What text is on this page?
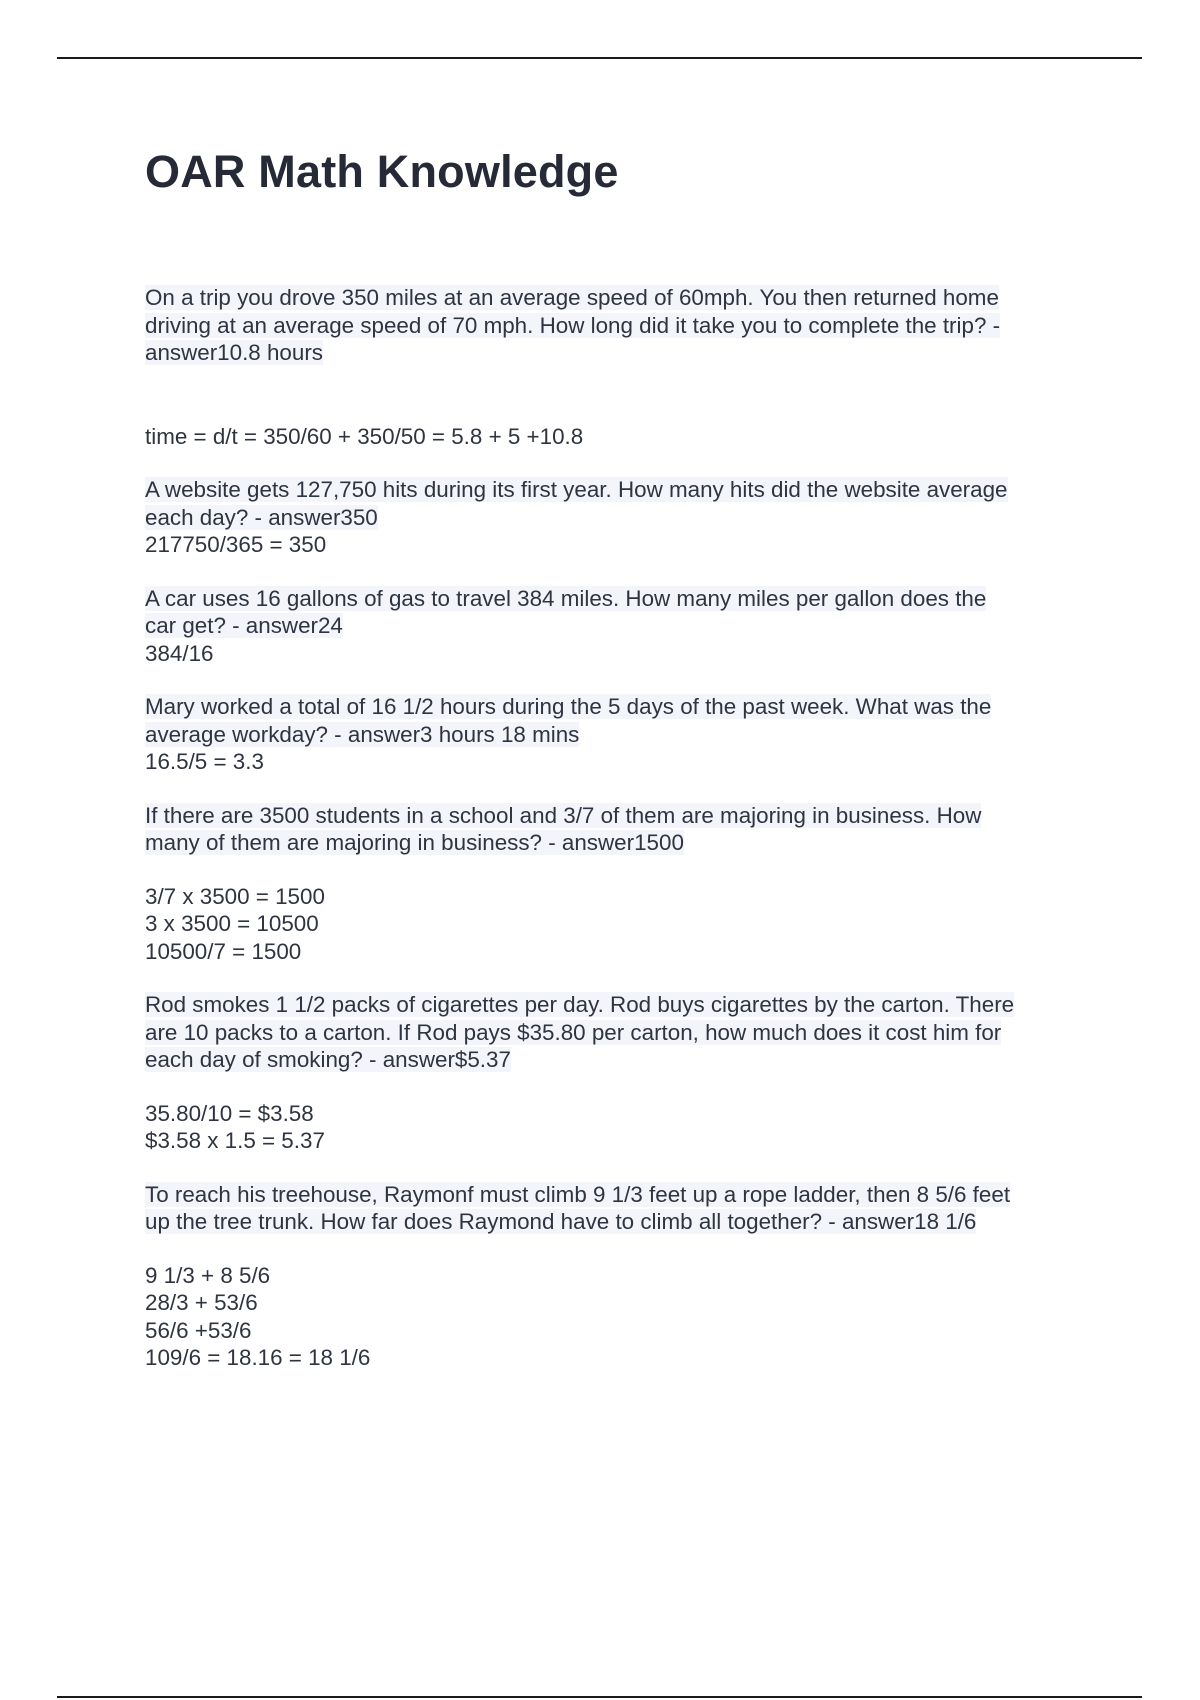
OAR Math Knowledge
On a trip you drove 350 miles at an average speed of 60mph. You then returned home
driving at an average speed of 70 mph. How long did it take you to complete the trip? -
answer10.8 hours
time = d/t = 350/60 + 350/50 = 5.8 + 5 +10.8
A website gets 127,750 hits during its first year. How many hits did the website average
each day? - answer350
217750/365 = 350
A car uses 16 gallons of gas to travel 384 miles. How many miles per gallon does the
car get? - answer24
384/16
Mary worked a total of 16 1/2 hours during the 5 days of the past week. What was the
average workday? - answer3 hours 18 mins
16.5/5 = 3.3
If there are 3500 students in a school and 3/7 of them are majoring in business. How
many of them are majoring in business? - answer1500
3/7 x 3500 = 1500
3 x 3500 = 10500
10500/7 = 1500
Rod smokes 1 1/2 packs of cigarettes per day. Rod buys cigarettes by the carton. There
are 10 packs to a carton. If Rod pays $35.80 per carton, how much does it cost him for
each day of smoking? - answer$5.37
35.80/10 = $3.58
$3.58 x 1.5 = 5.37
To reach his treehouse, Raymonf must climb 9 1/3 feet up a rope ladder, then 8 5/6 feet
up the tree trunk. How far does Raymond have to climb all together? - answer18 1/6
9 1/3 + 8 5/6
28/3 + 53/6
56/6 +53/6
109/6 = 18.16 = 18 1/6
